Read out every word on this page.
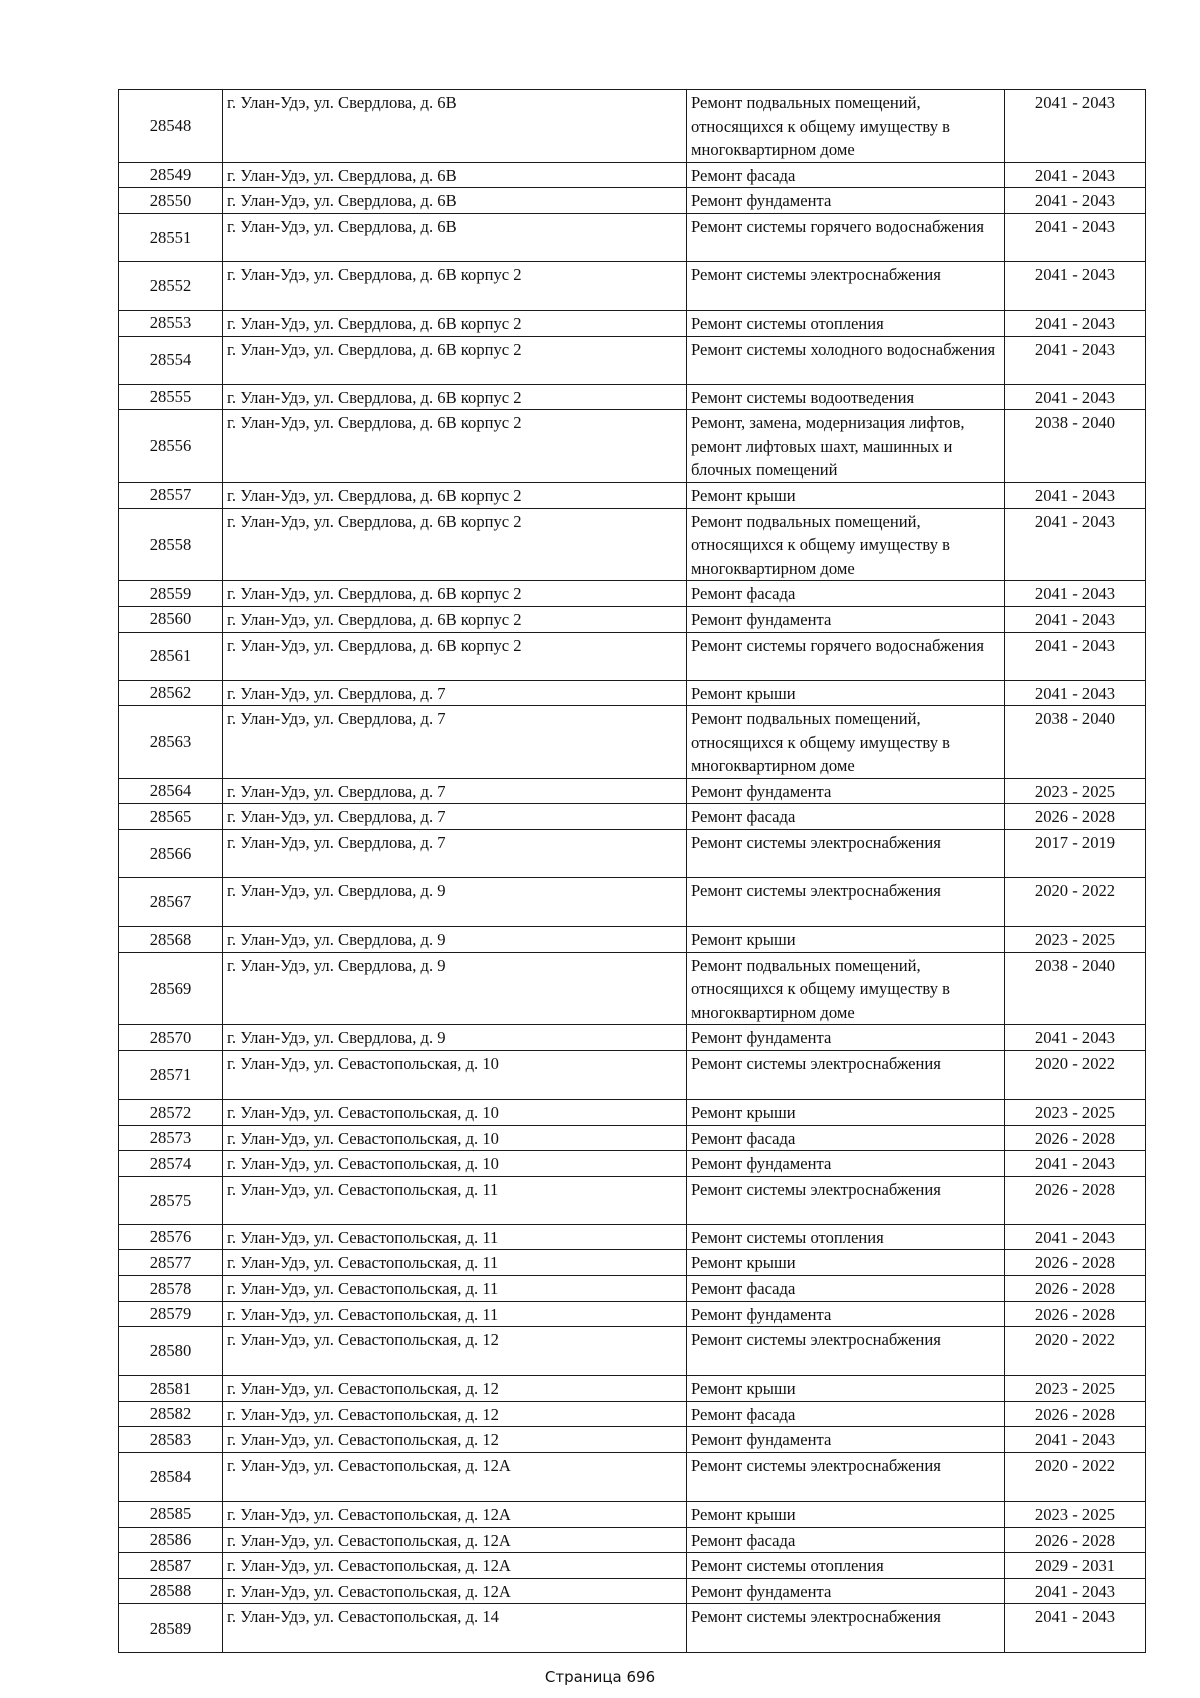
28548	г. Улан-Удэ, ул. Свердлова, д. 6В	Ремонт подвальных помещений, относящихся к общему имуществу в многоквартирном доме	2041 - 2043
28549	г. Улан-Удэ, ул. Свердлова, д. 6В	Ремонт фасада	2041 - 2043
28550	г. Улан-Удэ, ул. Свердлова, д. 6В	Ремонт фундамента	2041 - 2043
28551	г. Улан-Удэ, ул. Свердлова, д. 6В	Ремонт системы горячего водоснабжения	2041 - 2043
28552	г. Улан-Удэ, ул. Свердлова, д. 6В корпус 2	Ремонт системы электроснабжения	2041 - 2043
28553	г. Улан-Удэ, ул. Свердлова, д. 6В корпус 2	Ремонт системы отопления	2041 - 2043
28554	г. Улан-Удэ, ул. Свердлова, д. 6В корпус 2	Ремонт системы холодного водоснабжения	2041 - 2043
28555	г. Улан-Удэ, ул. Свердлова, д. 6В корпус 2	Ремонт системы водоотведения	2041 - 2043
28556	г. Улан-Удэ, ул. Свердлова, д. 6В корпус 2	Ремонт, замена, модернизация лифтов, ремонт лифтовых шахт, машинных и блочных помещений	2038 - 2040
28557	г. Улан-Удэ, ул. Свердлова, д. 6В корпус 2	Ремонт крыши	2041 - 2043
28558	г. Улан-Удэ, ул. Свердлова, д. 6В корпус 2	Ремонт подвальных помещений, относящихся к общему имуществу в многоквартирном доме	2041 - 2043
28559	г. Улан-Удэ, ул. Свердлова, д. 6В корпус 2	Ремонт фасада	2041 - 2043
28560	г. Улан-Удэ, ул. Свердлова, д. 6В корпус 2	Ремонт фундамента	2041 - 2043
28561	г. Улан-Удэ, ул. Свердлова, д. 6В корпус 2	Ремонт системы горячего водоснабжения	2041 - 2043
28562	г. Улан-Удэ, ул. Свердлова, д. 7	Ремонт крыши	2041 - 2043
28563	г. Улан-Удэ, ул. Свердлова, д. 7	Ремонт подвальных помещений, относящихся к общему имуществу в многоквартирном доме	2038 - 2040
28564	г. Улан-Удэ, ул. Свердлова, д. 7	Ремонт фундамента	2023 - 2025
28565	г. Улан-Удэ, ул. Свердлова, д. 7	Ремонт фасада	2026 - 2028
28566	г. Улан-Удэ, ул. Свердлова, д. 7	Ремонт системы электроснабжения	2017 - 2019
28567	г. Улан-Удэ, ул. Свердлова, д. 9	Ремонт системы электроснабжения	2020 - 2022
28568	г. Улан-Удэ, ул. Свердлова, д. 9	Ремонт крыши	2023 - 2025
28569	г. Улан-Удэ, ул. Свердлова, д. 9	Ремонт подвальных помещений, относящихся к общему имуществу в многоквартирном доме	2038 - 2040
28570	г. Улан-Удэ, ул. Свердлова, д. 9	Ремонт фундамента	2041 - 2043
28571	г. Улан-Удэ, ул. Севастопольская, д. 10	Ремонт системы электроснабжения	2020 - 2022
28572	г. Улан-Удэ, ул. Севастопольская, д. 10	Ремонт крыши	2023 - 2025
28573	г. Улан-Удэ, ул. Севастопольская, д. 10	Ремонт фасада	2026 - 2028
28574	г. Улан-Удэ, ул. Севастопольская, д. 10	Ремонт фундамента	2041 - 2043
28575	г. Улан-Удэ, ул. Севастопольская, д. 11	Ремонт системы электроснабжения	2026 - 2028
28576	г. Улан-Удэ, ул. Севастопольская, д. 11	Ремонт системы отопления	2041 - 2043
28577	г. Улан-Удэ, ул. Севастопольская, д. 11	Ремонт крыши	2026 - 2028
28578	г. Улан-Удэ, ул. Севастопольская, д. 11	Ремонт фасада	2026 - 2028
28579	г. Улан-Удэ, ул. Севастопольская, д. 11	Ремонт фундамента	2026 - 2028
28580	г. Улан-Удэ, ул. Севастопольская, д. 12	Ремонт системы электроснабжения	2020 - 2022
28581	г. Улан-Удэ, ул. Севастопольская, д. 12	Ремонт крыши	2023 - 2025
28582	г. Улан-Удэ, ул. Севастопольская, д. 12	Ремонт фасада	2026 - 2028
28583	г. Улан-Удэ, ул. Севастопольская, д. 12	Ремонт фундамента	2041 - 2043
28584	г. Улан-Удэ, ул. Севастопольская, д. 12А	Ремонт системы электроснабжения	2020 - 2022
28585	г. Улан-Удэ, ул. Севастопольская, д. 12А	Ремонт крыши	2023 - 2025
28586	г. Улан-Удэ, ул. Севастопольская, д. 12А	Ремонт фасада	2026 - 2028
28587	г. Улан-Удэ, ул. Севастопольская, д. 12А	Ремонт системы отопления	2029 - 2031
28588	г. Улан-Удэ, ул. Севастопольская, д. 12А	Ремонт фундамента	2041 - 2043
28589	г. Улан-Удэ, ул. Севастопольская, д. 14	Ремонт системы электроснабжения	2041 - 2043
Страница 696
